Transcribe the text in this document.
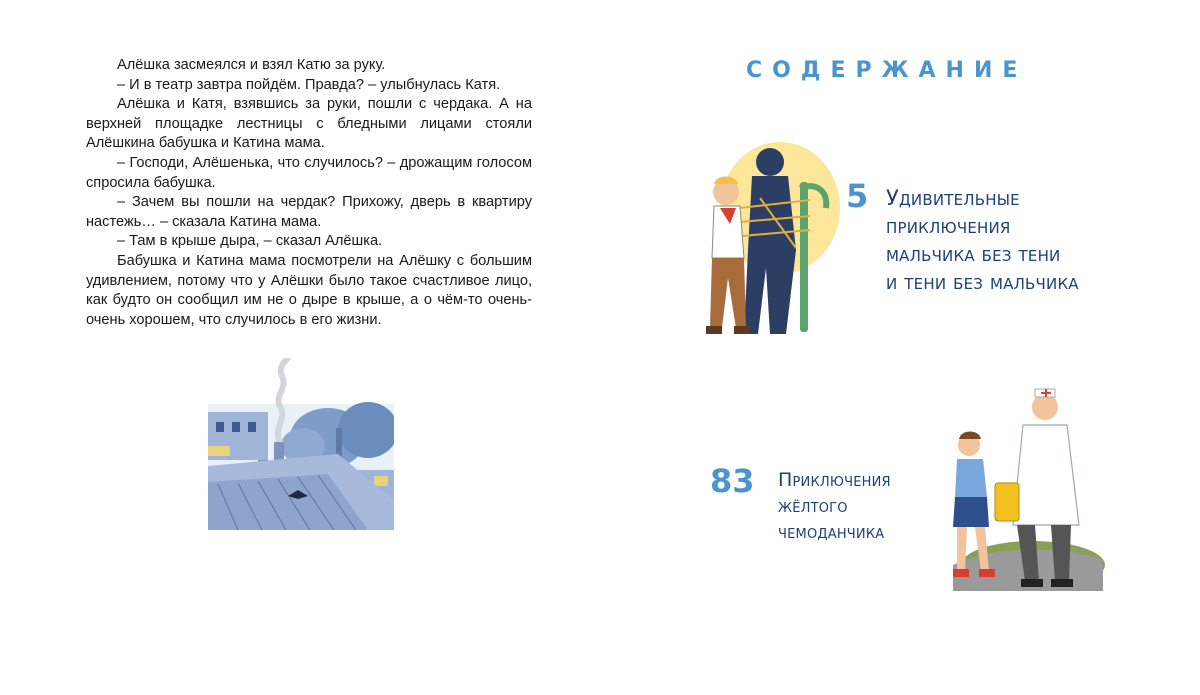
Алёшка засмеялся и взял Катю за руку.

– И в театр завтра пойдём. Правда? – улыбнулась Катя.

Алёшка и Катя, взявшись за руки, пошли с чердака. А на верхней площадке лестницы с бледными лицами стояли Алёшкина бабушка и Катина мама.

– Господи, Алёшенька, что случилось? – дрожащим голосом спросила бабушка.

– Зачем вы пошли на чердак? Прихожу, дверь в квартиру настежь… – сказала Катина мама.

– Там в крыше дыра, – сказал Алёшка.

Бабушка и Катина мама посмотрели на Алёшку с большим удивлением, потому что у Алёшки было такое счастливое лицо, как будто он сообщил им не о дыре в крыше, а о чём-то очень-очень хорошем, что случилось в его жизни.

СОДЕРЖАНИЕ
5 Удивительные
приключения
мальчика без тени
и тени без мальчика
83 Приключения
жёлтого
чемоданчика
